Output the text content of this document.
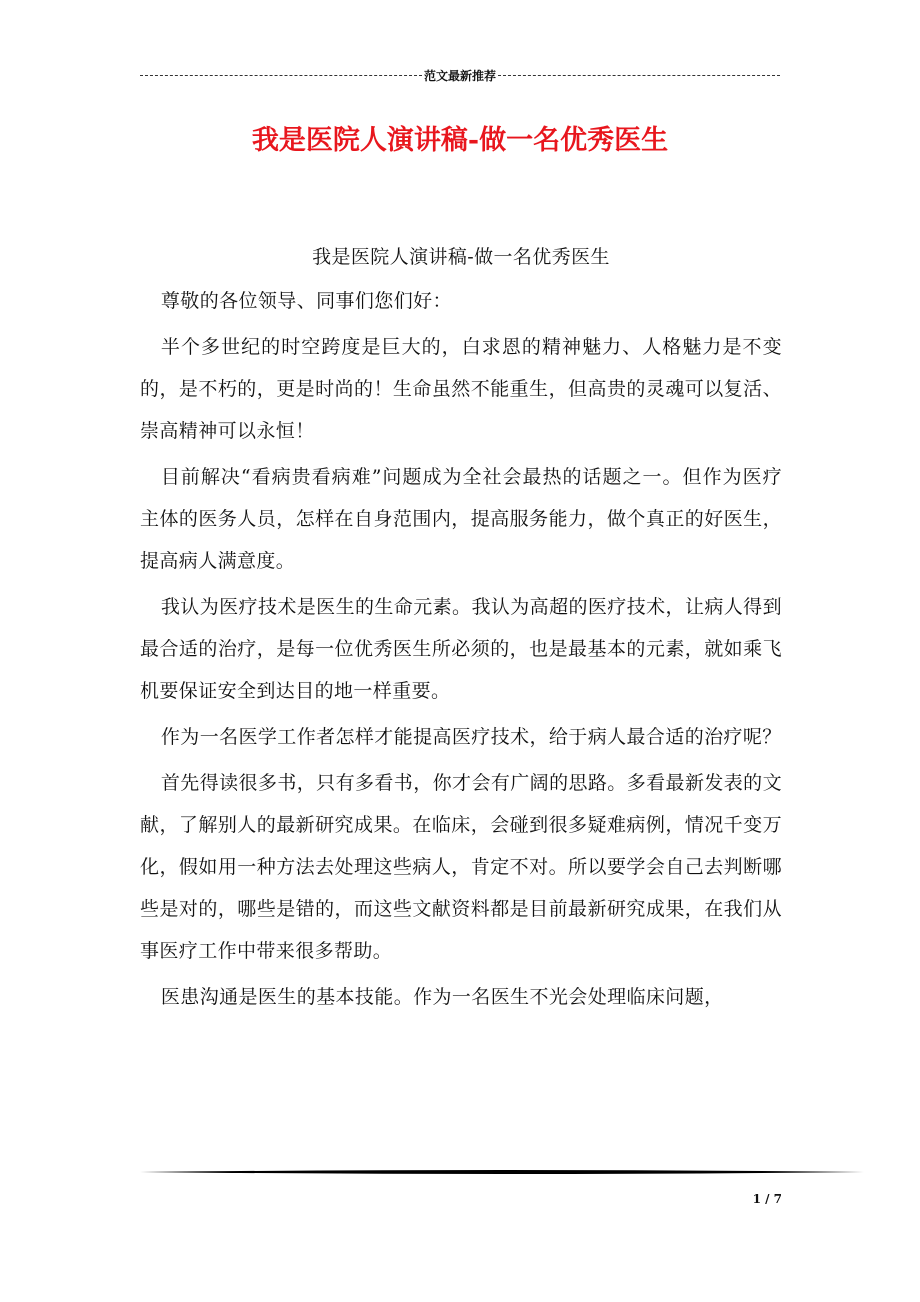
范文最新推荐
我是医院人演讲稿-做一名优秀医生
我是医院人演讲稿-做一名优秀医生

尊敬的各位领导、同事们您们好：

半个多世纪的时空跨度是巨大的，白求恩的精神魅力、人格魅力是不变的，是不朽的，更是时尚的！生命虽然不能重生，但高贵的灵魂可以复活、崇高精神可以永恒！

目前解决“看病贵看病难”问题成为全社会最热的话题之一。但作为医疗主体的医务人员，怎样在自身范围内，提高服务能力，做个真正的好医生，提高病人满意度。

我认为医疗技术是医生的生命元素。我认为高超的医疗技术，让病人得到最合适的治疗，是每一位优秀医生所必须的，也是最基本的元素，就如乘飞机要保证安全到达目的地一样重要。

作为一名医学工作者怎样才能提高医疗技术，给于病人最合适的治疗呢？

首先得读很多书，只有多看书，你才会有广阔的思路。多看最新发表的文献，了解别人的最新研究成果。在临床，会碰到很多疑难病例，情况千变万化，假如用一种方法去处理这些病人，肯定不对。所以要学会自己去判断哪些是对的，哪些是错的，而这些文献资料都是目前最新研究成果，在我们从事医疗工作中带来很多帮助。

医患沟通是医生的基本技能。作为一名医生不光会处理临床问题，

1 / 7
